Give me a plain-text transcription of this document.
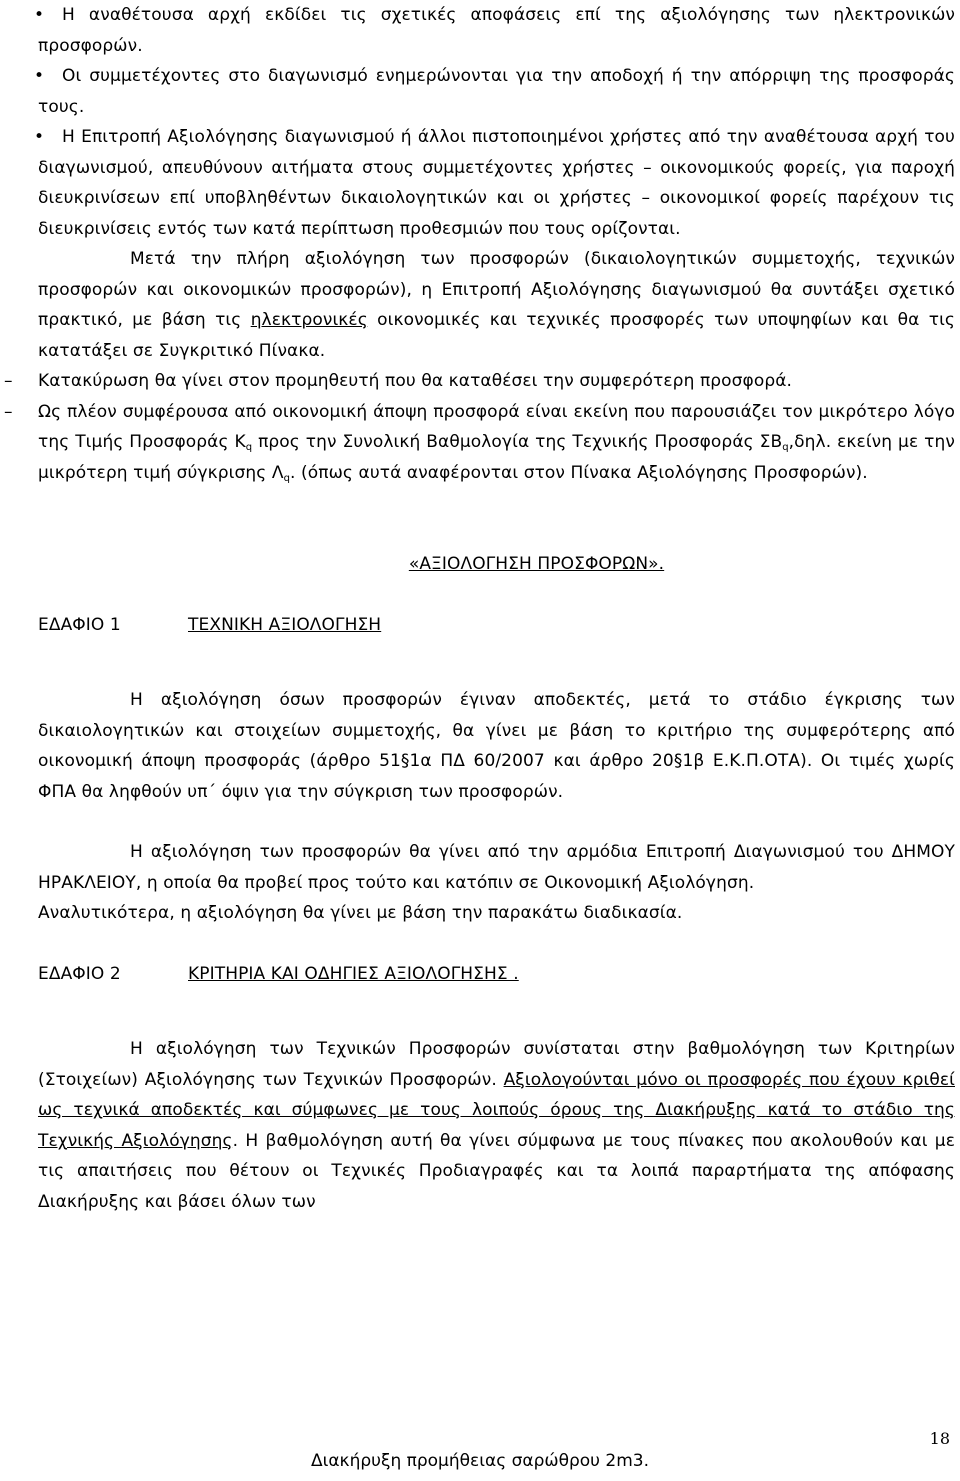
• Η αναθέτουσα αρχή εκδίδει τις σχετικές αποφάσεις επί της αξιολόγησης των ηλεκτρονικών προσφορών.

• Οι συμμετέχοντες στο διαγωνισμό ενημερώνονται για την αποδοχή ή την απόρριψη της προσφοράς τους.

• Η Επιτροπή Αξιολόγησης διαγωνισμού ή άλλοι πιστοποιημένοι χρήστες από την αναθέτουσα αρχή του διαγωνισμού, απευθύνουν αιτήματα στους συμμετέχοντες χρήστες – οικονομικούς φορείς, για παροχή διευκρινίσεων επί υποβληθέντων δικαιολογητικών και οι χρήστες – οικονομικοί φορείς παρέχουν τις διευκρινίσεις εντός των κατά περίπτωση προθεσμιών που τους ορίζονται.

Μετά την πλήρη αξιολόγηση των προσφορών (δικαιολογητικών συμμετοχής, τεχνικών προσφορών και οικονομικών προσφορών), η Επιτροπή Αξιολόγησης διαγωνισμού θα συντάξει σχετικό πρακτικό, με βάση τις ηλεκτρονικές οικονομικές και τεχνικές προσφορές των υποψηφίων και θα τις κατατάξει σε Συγκριτικό Πίνακα.

– Κατακύρωση θα γίνει στον προμηθευτή που θα καταθέσει την συμφερότερη προσφορά.

– Ως πλέον συμφέρουσα από οικονομική άποψη προσφορά είναι εκείνη που παρουσιάζει τον μικρότερο λόγο της Τιμής Προσφοράς $K_q$ προς την Συνολική Βαθμολογία της Τεχνικής Προσφοράς $\Sigma B_q,\delta\eta\lambda$. εκείνη με την μικρότερη τιμή σύγκρισης $\Lambda_q$. (όπως αυτά αναφέρονται στον Πίνακα Αξιολόγησης Προσφορών).

«ΑΞΙΟΛΟΓΗΣΗ ΠΡΟΣΦΟΡΩΝ».

ΕΔΑΦΙΟ 1	ΤΕΧΝΙΚΗ ΑΞΙΟΛΟΓΗΣΗ

Η αξιολόγηση όσων προσφορών έγιναν αποδεκτές, μετά το στάδιο έγκρισης των δικαιολογητικών και στοιχείων συμμετοχής, θα γίνει με βάση το κριτήριο της συμφερότερης από οικονομική άποψη προσφοράς (άρθρο 51§1α ΠΔ 60/2007 και άρθρο 20§1β Ε.Κ.Π.ΟΤΑ). Οι τιμές χωρίς ΦΠΑ θα ληφθούν υπ΄ όψιν για την σύγκριση των προσφορών.

Η αξιολόγηση των προσφορών θα γίνει από την αρμόδια Επιτροπή Διαγωνισμού του ΔΗΜΟΥ ΗΡΑΚΛΕΙΟΥ, η οποία θα προβεί προς τούτο και κατόπιν σε Οικονομική Αξιολόγηση.

Αναλυτικότερα, η αξιολόγηση θα γίνει με βάση την παρακάτω διαδικασία.

ΕΔΑΦΙΟ 2	ΚΡΙΤΗΡΙΑ ΚΑΙ ΟΔΗΓΙΕΣ ΑΞΙΟΛΟΓΗΣΗΣ .

Η αξιολόγηση των Τεχνικών Προσφορών συνίσταται στην βαθμολόγηση των Κριτηρίων (Στοιχείων) Αξιολόγησης των Τεχνικών Προσφορών. Αξιολογούνται μόνο οι προσφορές που έχουν κριθεί ως τεχνικά αποδεκτές και σύμφωνες με τους λοιπούς όρους της Διακήρυξης κατά το στάδιο της Τεχνικής Αξιολόγησης. Η βαθμολόγηση αυτή θα γίνει σύμφωνα με τους πίνακες που ακολουθούν και με τις απαιτήσεις που θέτουν οι Τεχνικές Προδιαγραφές και τα λοιπά παραρτήματα της απόφασης Διακήρυξης και βάσει όλων των

18
Διακήρυξη προμήθειας σαρώθρου 2m3.
